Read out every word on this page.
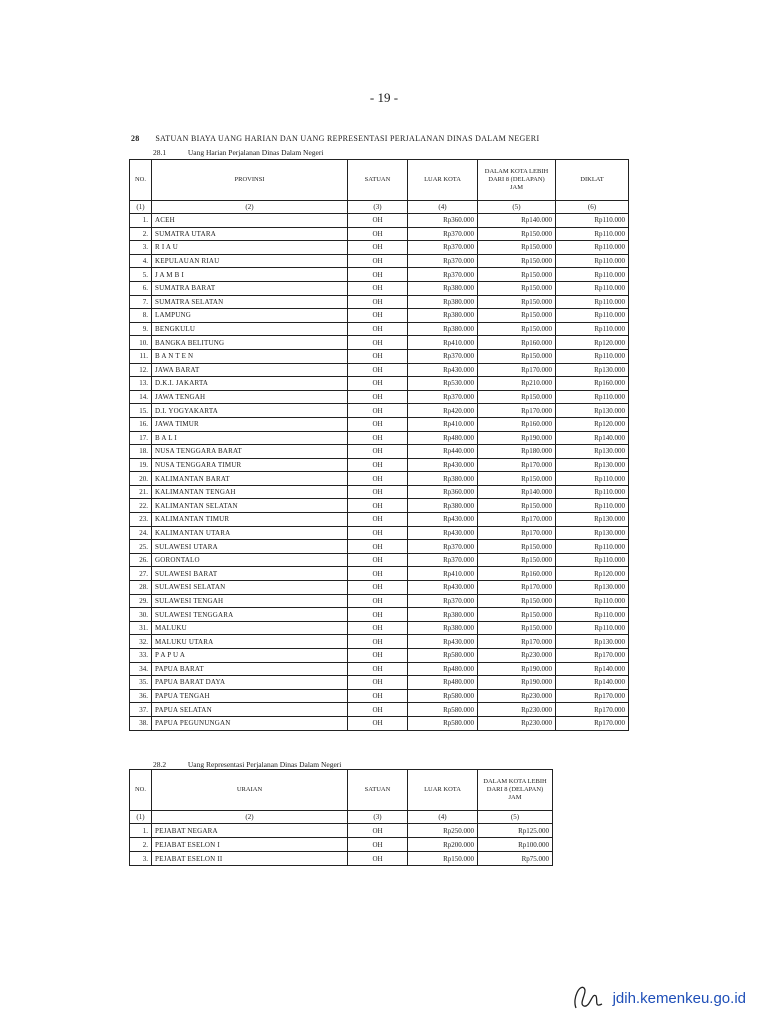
- 19 -
28 SATUAN BIAYA UANG HARIAN DAN UANG REPRESENTASI PERJALANAN DINAS DALAM NEGERI
28.1	Uang Harian Perjalanan Dinas Dalam Negeri
NO.	PROVINSI	SATUAN	LUAR KOTA	DALAM KOTA LEBIH DARI 8 (DELAPAN) JAM	DIKLAT
(1)	(2)	(3)	(4)	(5)	(6)
1.	ACEH	OH	Rp360.000	Rp140.000	Rp110.000
2.	SUMATRA UTARA	OH	Rp370.000	Rp150.000	Rp110.000
3.	R I A U	OH	Rp370.000	Rp150.000	Rp110.000
4.	KEPULAUAN RIAU	OH	Rp370.000	Rp150.000	Rp110.000
5.	J A M B I	OH	Rp370.000	Rp150.000	Rp110.000
6.	SUMATRA BARAT	OH	Rp380.000	Rp150.000	Rp110.000
7.	SUMATRA SELATAN	OH	Rp380.000	Rp150.000	Rp110.000
8.	LAMPUNG	OH	Rp380.000	Rp150.000	Rp110.000
9.	BENGKULU	OH	Rp380.000	Rp150.000	Rp110.000
10.	BANGKA BELITUNG	OH	Rp410.000	Rp160.000	Rp120.000
11.	B A N T E N	OH	Rp370.000	Rp150.000	Rp110.000
12.	JAWA BARAT	OH	Rp430.000	Rp170.000	Rp130.000
13.	D.K.I. JAKARTA	OH	Rp530.000	Rp210.000	Rp160.000
14.	JAWA TENGAH	OH	Rp370.000	Rp150.000	Rp110.000
15.	D.I. YOGYAKARTA	OH	Rp420.000	Rp170.000	Rp130.000
16.	JAWA TIMUR	OH	Rp410.000	Rp160.000	Rp120.000
17.	B A L I	OH	Rp480.000	Rp190.000	Rp140.000
18.	NUSA TENGGARA BARAT	OH	Rp440.000	Rp180.000	Rp130.000
19.	NUSA TENGGARA TIMUR	OH	Rp430.000	Rp170.000	Rp130.000
20.	KALIMANTAN BARAT	OH	Rp380.000	Rp150.000	Rp110.000
21.	KALIMANTAN TENGAH	OH	Rp360.000	Rp140.000	Rp110.000
22.	KALIMANTAN SELATAN	OH	Rp380.000	Rp150.000	Rp110.000
23.	KALIMANTAN TIMUR	OH	Rp430.000	Rp170.000	Rp130.000
24.	KALIMANTAN UTARA	OH	Rp430.000	Rp170.000	Rp130.000
25.	SULAWESI UTARA	OH	Rp370.000	Rp150.000	Rp110.000
26.	GORONTALO	OH	Rp370.000	Rp150.000	Rp110.000
27.	SULAWESI BARAT	OH	Rp410.000	Rp160.000	Rp120.000
28.	SULAWESI SELATAN	OH	Rp430.000	Rp170.000	Rp130.000
29.	SULAWESI TENGAH	OH	Rp370.000	Rp150.000	Rp110.000
30.	SULAWESI TENGGARA	OH	Rp380.000	Rp150.000	Rp110.000
31.	MALUKU	OH	Rp380.000	Rp150.000	Rp110.000
32.	MALUKU UTARA	OH	Rp430.000	Rp170.000	Rp130.000
33.	P A P U A	OH	Rp580.000	Rp230.000	Rp170.000
34.	PAPUA BARAT	OH	Rp480.000	Rp190.000	Rp140.000
35.	PAPUA BARAT DAYA	OH	Rp480.000	Rp190.000	Rp140.000
36.	PAPUA TENGAH	OH	Rp580.000	Rp230.000	Rp170.000
37.	PAPUA SELATAN	OH	Rp580.000	Rp230.000	Rp170.000
38.	PAPUA PEGUNUNGAN	OH	Rp580.000	Rp230.000	Rp170.000
28.2	Uang Representasi Perjalanan Dinas Dalam Negeri
NO.	URAIAN	SATUAN	LUAR KOTA	DALAM KOTA LEBIH DARI 8 (DELAPAN) JAM
(1)	(2)	(3)	(4)	(5)
1.	PEJABAT NEGARA	OH	Rp250.000	Rp125.000
2.	PEJABAT ESELON I	OH	Rp200.000	Rp100.000
3.	PEJABAT ESELON II	OH	Rp150.000	Rp75.000
jdih.kemenkeu.go.id
